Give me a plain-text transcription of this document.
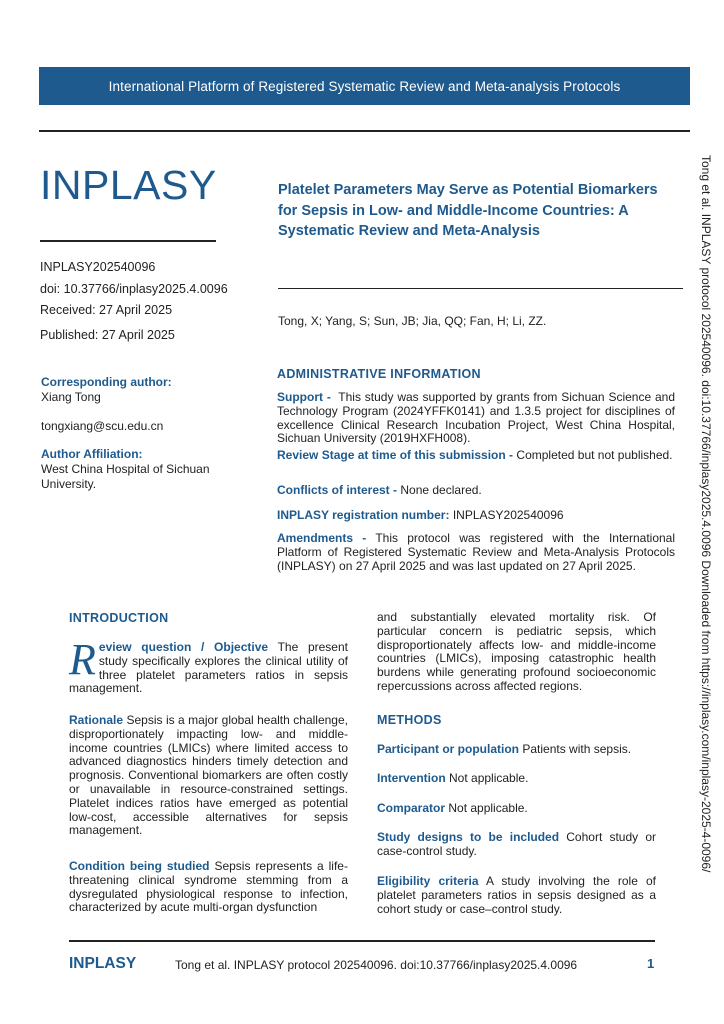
International Platform of Registered Systematic Review and Meta-analysis Protocols
INPLASY
INPLASY202540096
doi: 10.37766/inplasy2025.4.0096
Received: 27 April 2025
Published: 27 April 2025
Platelet Parameters May Serve as Potential Biomarkers for Sepsis in Low- and Middle-Income Countries: A Systematic Review and Meta-Analysis
Tong, X; Yang, S; Sun, JB; Jia, QQ; Fan, H; Li, ZZ.
Corresponding author:
Xiang Tong
tongxiang@scu.edu.cn
Author Affiliation:
West China Hospital of Sichuan University.
ADMINISTRATIVE INFORMATION
Support - This study was supported by grants from Sichuan Science and Technology Program (2024YFFK0141) and 1.3.5 project for disciplines of excellence Clinical Research Incubation Project, West China Hospital, Sichuan University (2019HXFH008).
Review Stage at time of this submission - Completed but not published.
Conflicts of interest - None declared.
INPLASY registration number: INPLASY202540096
Amendments - This protocol was registered with the International Platform of Registered Systematic Review and Meta-Analysis Protocols (INPLASY) on 27 April 2025 and was last updated on 27 April 2025.
INTRODUCTION
R eview question / Objective The present study specifically explores the clinical utility of three platelet parameters ratios in sepsis management.
Rationale Sepsis is a major global health challenge, disproportionately impacting low- and middle-income countries (LMICs) where limited access to advanced diagnostics hinders timely detection and prognosis. Conventional biomarkers are often costly or unavailable in resource-constrained settings. Platelet indices ratios have emerged as potential low-cost, accessible alternatives for sepsis management.
Condition being studied Sepsis represents a life-threatening clinical syndrome stemming from a dysregulated physiological response to infection, characterized by acute multi-organ dysfunction
and substantially elevated mortality risk. Of particular concern is pediatric sepsis, which disproportionately affects low- and middle-income countries (LMICs), imposing catastrophic health burdens while generating profound socioeconomic repercussions across affected regions.
METHODS
Participant or population Patients with sepsis.
Intervention Not applicable.
Comparator Not applicable.
Study designs to be included Cohort study or case-control study.
Eligibility criteria A study involving the role of platelet parameters ratios in sepsis designed as a cohort study or case–control study.
Tong et al. INPLASY protocol 202540096. doi:10.37766/inplasy2025.4.0096 Downloaded from https://inplasy.com/inplasy-2025-4-0096/
INPLASY	Tong et al. INPLASY protocol 202540096. doi:10.37766/inplasy2025.4.0096	1
